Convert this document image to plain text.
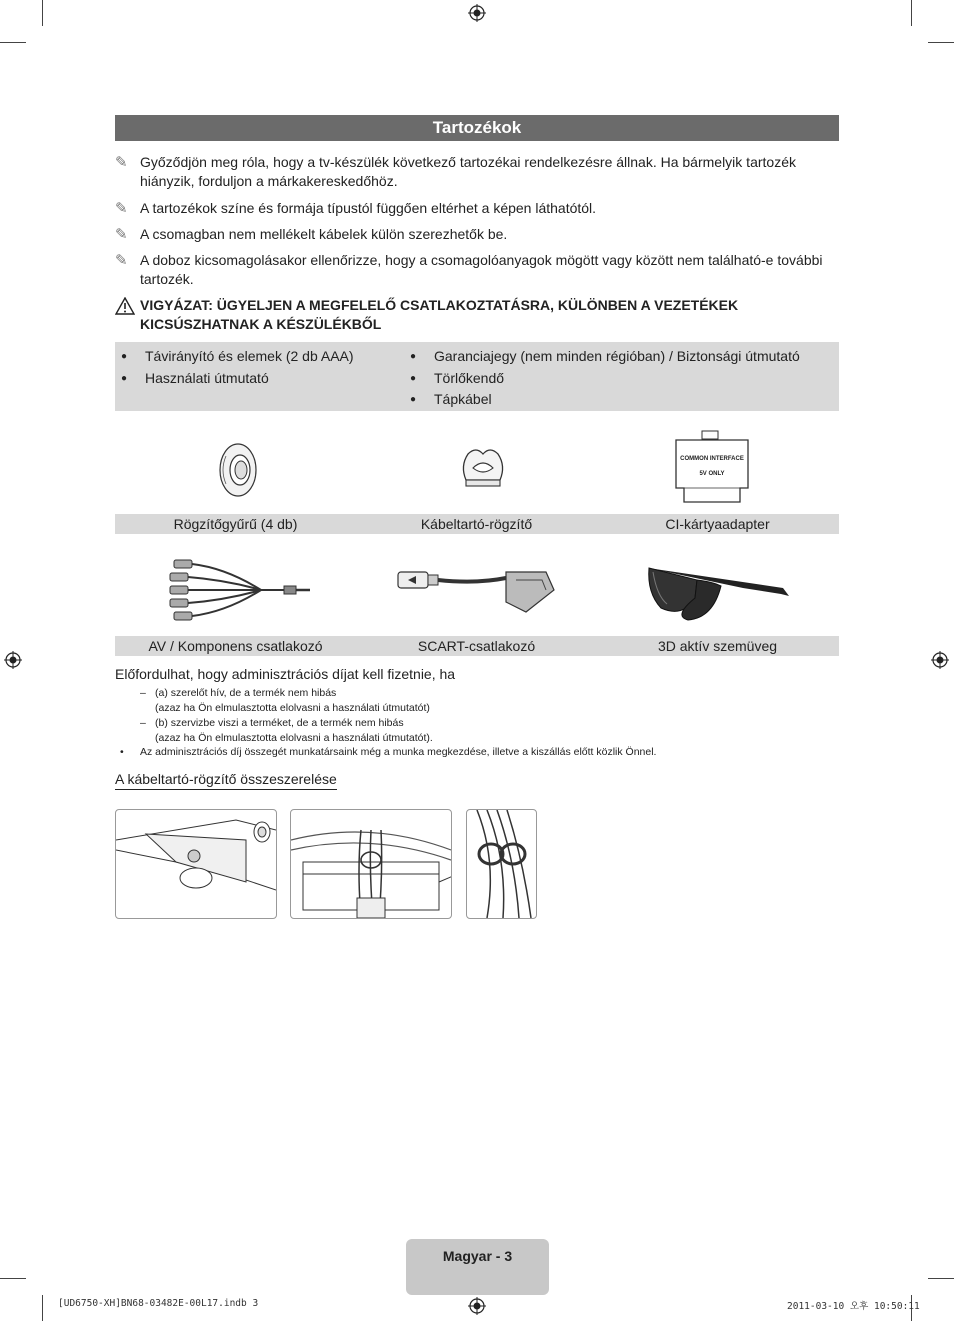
Tartozékok
✎ Győződjön meg róla, hogy a tv-készülék következő tartozékai rendelkezésre állnak. Ha bármelyik tartozék hiányzik, forduljon a márkakereskedőhöz.
✎ A tartozékok színe és formája típustól függően eltérhet a képen láthatótól.
✎ A csomagban nem mellékelt kábelek külön szerezhetők be.
✎ A doboz kicsomagolásakor ellenőrizze, hogy a csomagolóanyagok mögött vagy között nem található-e további tartozék.
VIGYÁZAT: ÜGYELJEN A MEGFELELŐ CSATLAKOZTATÁSRA, KÜLÖNBEN A VEZETÉKEK KICSÚSZHATNAK A KÉSZÜLÉKBŐL
● Távirányító és elemek (2 db AAA)
● Használati útmutató
● Garanciajegy (nem minden régióban) / Biztonsági útmutató
● Törlőkendő
● Tápkábel
COMMON INTERFACE
5V ONLY
Rögzítőgyűrű (4 db)	Kábeltartó-rögzítő	CI-kártyaadapter
AV / Komponens csatlakozó	SCART-csatlakozó	3D aktív szemüveg
Előfordulhat, hogy adminisztrációs díjat kell fizetnie, ha
– (a) szerelőt hív, de a termék nem hibás
(azaz ha Ön elmulasztotta elolvasni a használati útmutatót)
– (b) szervizbe viszi a terméket, de a termék nem hibás
(azaz ha Ön elmulasztotta elolvasni a használati útmutatót).
• Az adminisztrációs díj összegét munkatársaink még a munka megkezdése, illetve a kiszállás előtt közlik Önnel.
A kábeltartó-rögzítő összeszerelése
Magyar - 3
[UD6750-XH]BN68-03482E-00L17.indb 3	2011-03-10 오후 10:50:11
